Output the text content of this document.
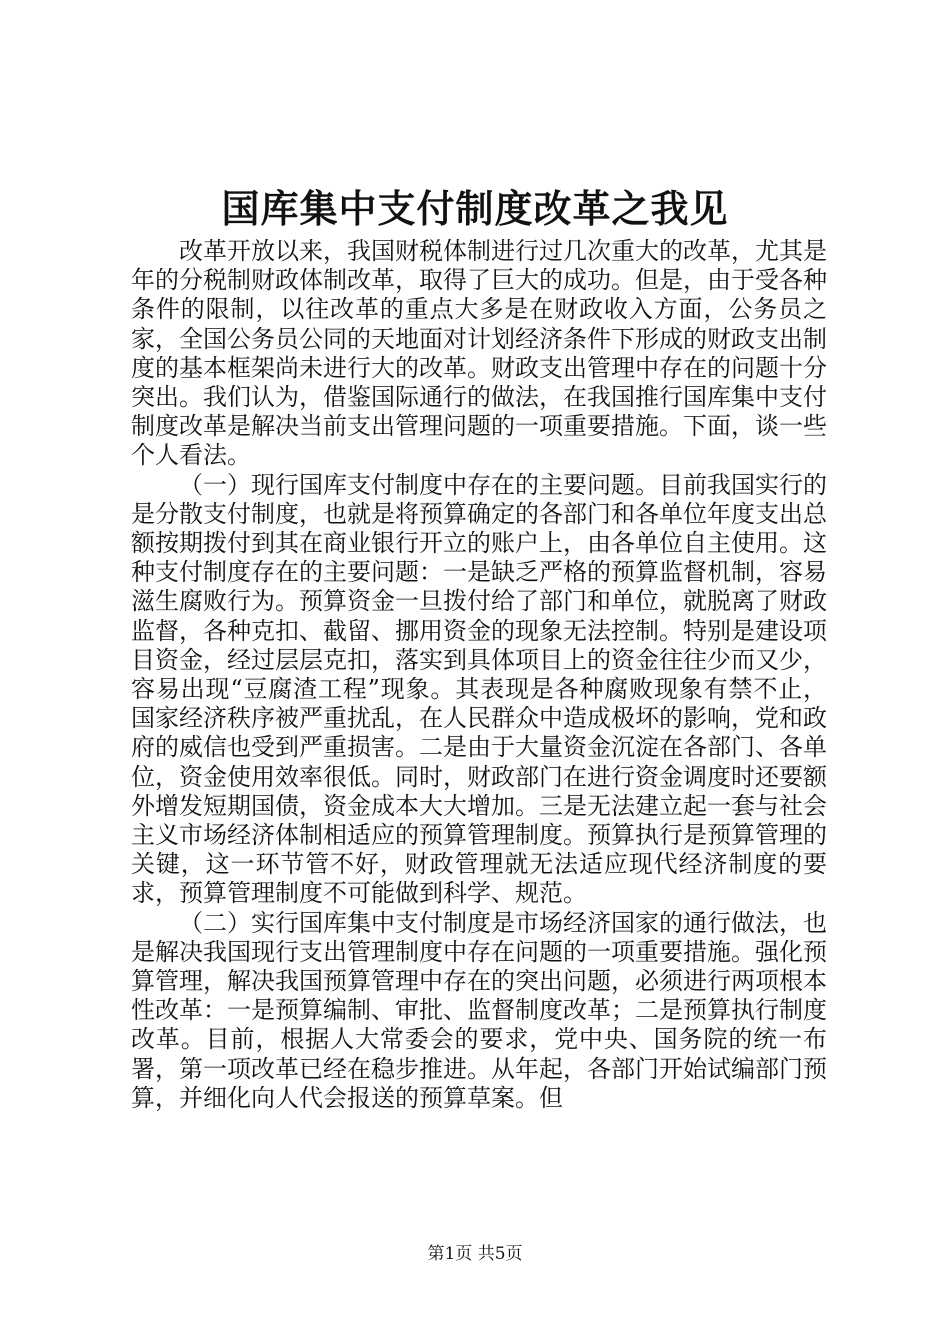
国库集中支付制度改革之我见

改革开放以来，我国财税体制进行过几次重大的改革，尤其是年的分税制财政体制改革，取得了巨大的成功。但是，由于受各种条件的限制，以往改革的重点大多是在财政收入方面，公务员之家，全国公务员公同的天地面对计划经济条件下形成的财政支出制度的基本框架尚未进行大的改革。财政支出管理中存在的问题十分突出。我们认为，借鉴国际通行的做法，在我国推行国库集中支付制度改革是解决当前支出管理问题的一项重要措施。下面，谈一些个人看法。

（一）现行国库支付制度中存在的主要问题。目前我国实行的是分散支付制度，也就是将预算确定的各部门和各单位年度支出总额按期拨付到其在商业银行开立的账户上，由各单位自主使用。这种支付制度存在的主要问题：一是缺乏严格的预算监督机制，容易滋生腐败行为。预算资金一旦拨付给了部门和单位，就脱离了财政监督，各种克扣、截留、挪用资金的现象无法控制。特别是建设项目资金，经过层层克扣，落实到具体项目上的资金往往少而又少，容易出现“豆腐渣工程”现象。其表现是各种腐败现象有禁不止，国家经济秩序被严重扰乱，在人民群众中造成极坏的影响，党和政府的威信也受到严重损害。二是由于大量资金沉淀在各部门、各单位，资金使用效率很低。同时，财政部门在进行资金调度时还要额外增发短期国债，资金成本大大增加。三是无法建立起一套与社会主义市场经济体制相适应的预算管理制度。预算执行是预算管理的关键，这一环节管不好，财政管理就无法适应现代经济制度的要求，预算管理制度不可能做到科学、规范。

（二）实行国库集中支付制度是市场经济国家的通行做法，也是解决我国现行支出管理制度中存在问题的一项重要措施。强化预算管理，解决我国预算管理中存在的突出问题，必须进行两项根本性改革：一是预算编制、审批、监督制度改革；二是预算执行制度改革。目前，根据人大常委会的要求，党中央、国务院的统一布署，第一项改革已经在稳步推进。从年起，各部门开始试编部门预算，并细化向人代会报送的预算草案。但

第1页 共5页
